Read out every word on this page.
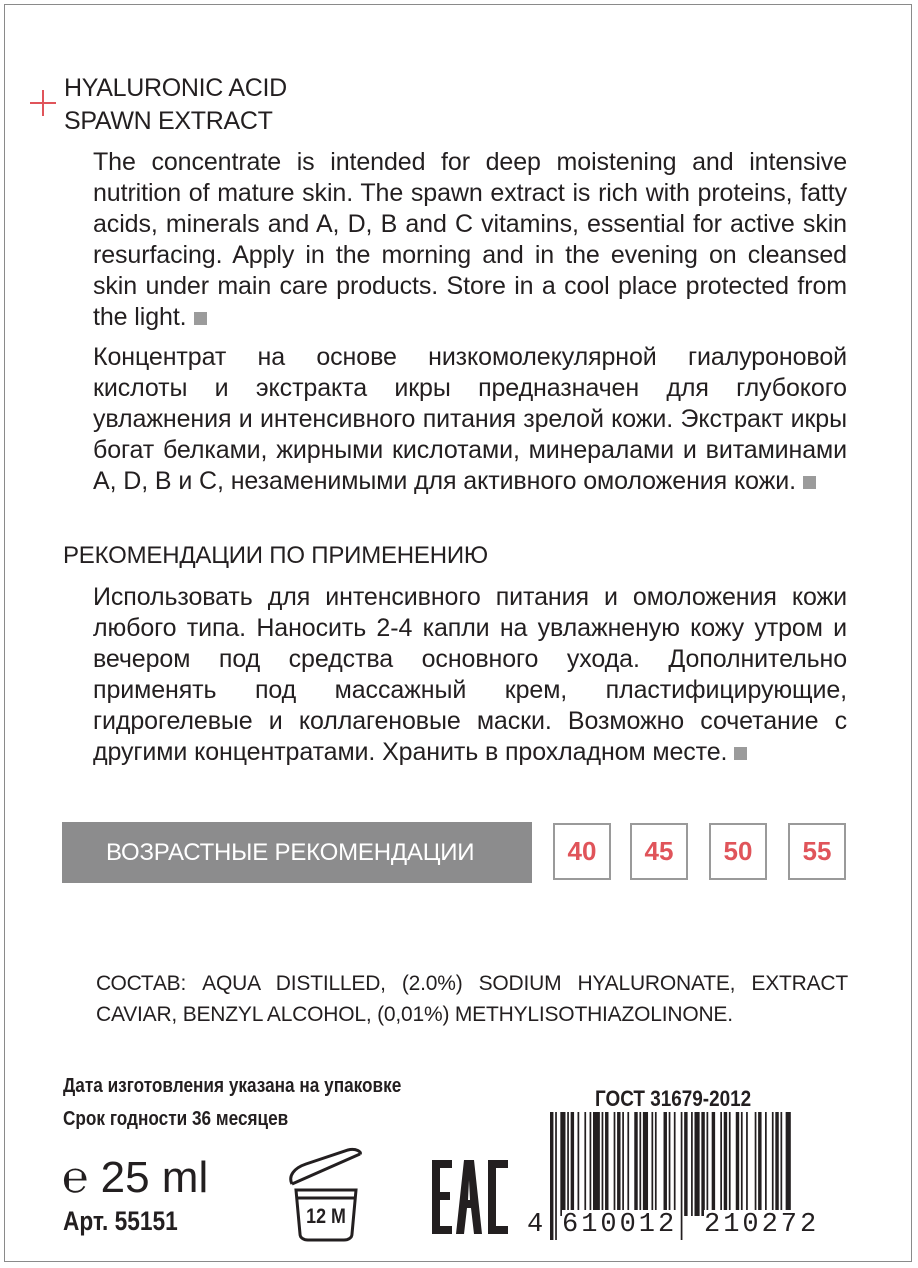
HYALURONIC ACID
SPAWN EXTRACT
The concentrate is intended for deep moistening and intensive nutrition of mature skin. The spawn extract is rich with proteins, fatty acids, minerals and A, D, B and C vitamins, essential for active skin resurfacing. Apply in the morning and in the evening on cleansed skin under main care products. Store in a cool place protected from the light.
Концентрат на основе низкомолекулярной гиалуроновой кислоты и экстракта икры предназначен для глубокого увлажнения и интенсивного питания зрелой кожи. Экстракт икры богат белками, жирными кислотами, минералами и витаминами A, D, B и C, незаменимыми для активного омоложения кожи.
РЕКОМЕНДАЦИИ ПО ПРИМЕНЕНИЮ
Использовать для интенсивного питания и омоложения кожи любого типа. Наносить 2-4 капли на увлажненую кожу утром и вечером под средства основного ухода. Дополнительно применять под массажный крем, пластифицирующие, гидрогелевые и коллагеновые маски. Возможно сочетание с другими концентратами. Хранить в прохладном месте.
ВОЗРАСТНЫЕ РЕКОМЕНДАЦИИ	40	45	50	55
СОСТАВ: AQUA DISTILLED, (2.0%) SODIUM HYALURONATE, EXTRACT CAVIAR, BENZYL ALCOHOL, (0,01%) METHYLISOTHIAZOLINONE.
Дата изготовления указана на упаковке
Срок годности 36 месяцев
℮ 25 ml
Арт. 55151	12 M
ГОСТ 31679-2012
4 610012 210272
